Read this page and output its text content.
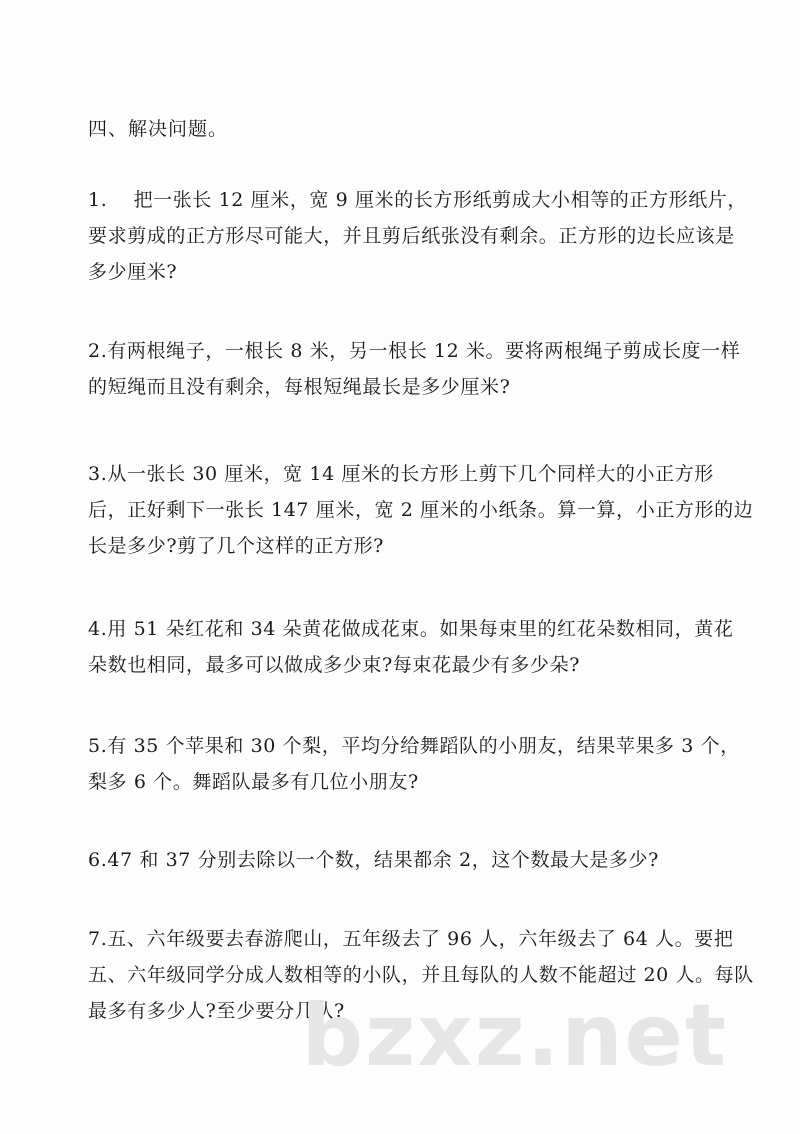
四、解决问题。
1.　 把一张长 12 厘米，宽 9 厘米的长方形纸剪成大小相等的正方形纸片，
要求剪成的正方形尽可能大，并且剪后纸张没有剩余。正方形的边长应该是
多少厘米?
2.有两根绳子，一根长 8 米，另一根长 12 米。要将两根绳子剪成长度一样
的短绳而且没有剩余，每根短绳最长是多少厘米?
3.从一张长 30 厘米，宽 14 厘米的长方形上剪下几个同样大的小正方形
后，正好剩下一张长 147 厘米，宽 2 厘米的小纸条。算一算，小正方形的边
长是多少?剪了几个这样的正方形?
4.用 51 朵红花和 34 朵黄花做成花束。如果每束里的红花朵数相同，黄花
朵数也相同，最多可以做成多少束?每束花最少有多少朵?
5.有 35 个苹果和 30 个梨，平均分给舞蹈队的小朋友，结果苹果多 3 个，
梨多 6 个。舞蹈队最多有几位小朋友?
6.47 和 37 分别去除以一个数，结果都余 2，这个数最大是多少?
7.五、六年级要去春游爬山，五年级去了 96 人，六年级去了 64 人。要把
五、六年级同学分成人数相等的小队，并且每队的人数不能超过 20 人。每队
最多有多少人?至少要分几队?
bzxz.net
